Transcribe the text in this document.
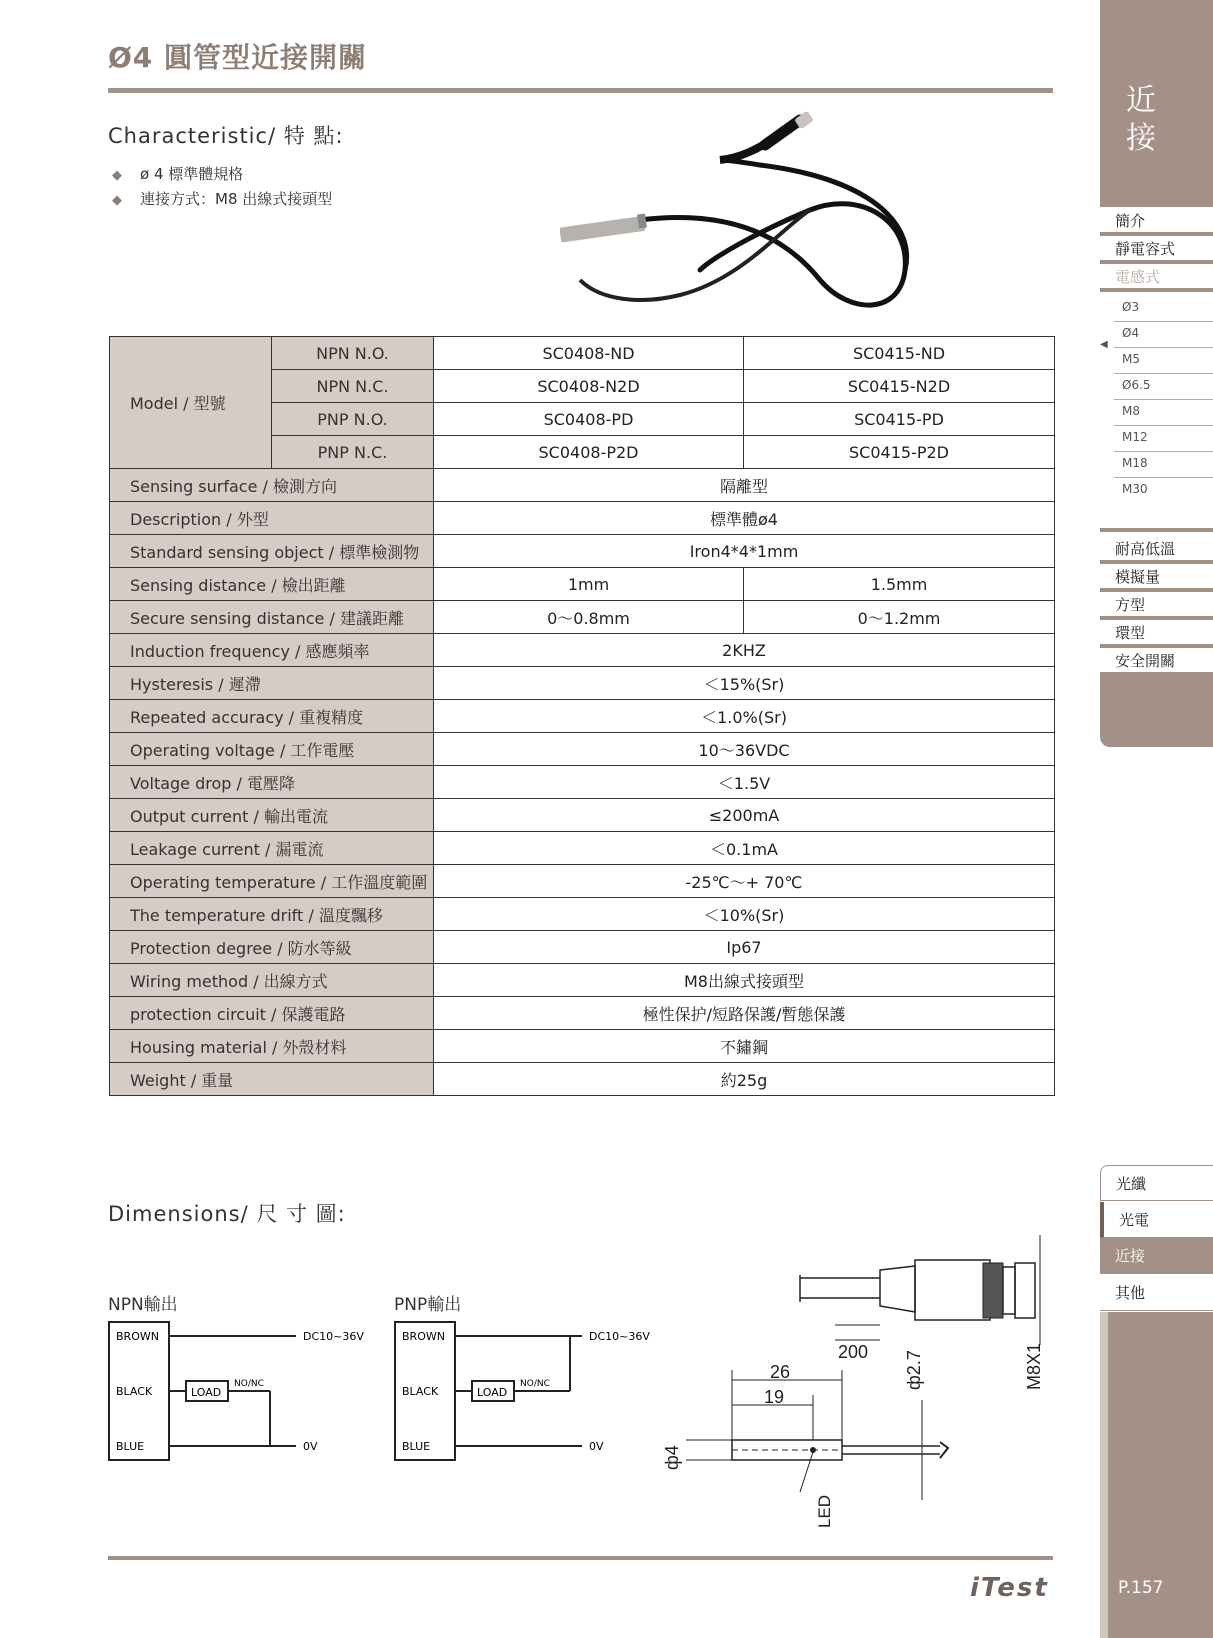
Ø4 圓管型近接開關
Characteristic/ 特 點:
◆ ø 4 標準體規格
◆ 連接方式：M8 出線式接頭型
Model / 型號	NPN N.O.	SC0408-ND	SC0415-ND
	NPN N.C.	SC0408-N2D	SC0415-N2D
	PNP N.O.	SC0408-PD	SC0415-PD
	PNP N.C.	SC0408-P2D	SC0415-P2D
Sensing surface / 檢測方向		隔離型	
Description / 外型		標準體ø4	
Standard sensing object / 標準檢測物		Iron4*4*1mm	
Sensing distance / 檢出距離		1mm	1.5mm
Secure sensing distance / 建議距離		0～0.8mm	0～1.2mm
Induction frequency / 感應頻率		2KHZ	
Hysteresis / 遲滯		＜15%(Sr)	
Repeated accuracy / 重複精度		＜1.0%(Sr)	
Operating voltage / 工作電壓		10～36VDC	
Voltage drop / 電壓降		＜1.5V	
Output current / 輸出電流		≤200mA	
Leakage current / 漏電流		＜0.1mA	
Operating temperature / 工作溫度範圍		-25℃～+ 70℃	
The temperature drift / 溫度飄移		＜10%(Sr)	
Protection degree / 防水等級		Ip67	
Wiring method / 出線方式		M8出線式接頭型	
protection circuit / 保護電路		極性保护/短路保護/暫態保護	
Housing material / 外殼材料		不鏽鋼	
Weight / 重量		約25g	
Dimensions/ 尺 寸 圖:
NPN輸出
BROWN
BLACK
BLUE
LOAD
NO/NC
DC10~36V
0V
PNP輸出
BROWN
BLACK
BLUE
LOAD
NO/NC
DC10~36V
0V
200
26
19
ф2.7
ф4
M8X1
LED
iTest
近
接
簡介
靜電容式
電感式
Ø3
Ø4
◀
M5
Ø6.5
M8
M12
M18
M30
耐高低溫
模擬量
方型
環型
安全開關
光纖
光電
近接
其他
P.157
